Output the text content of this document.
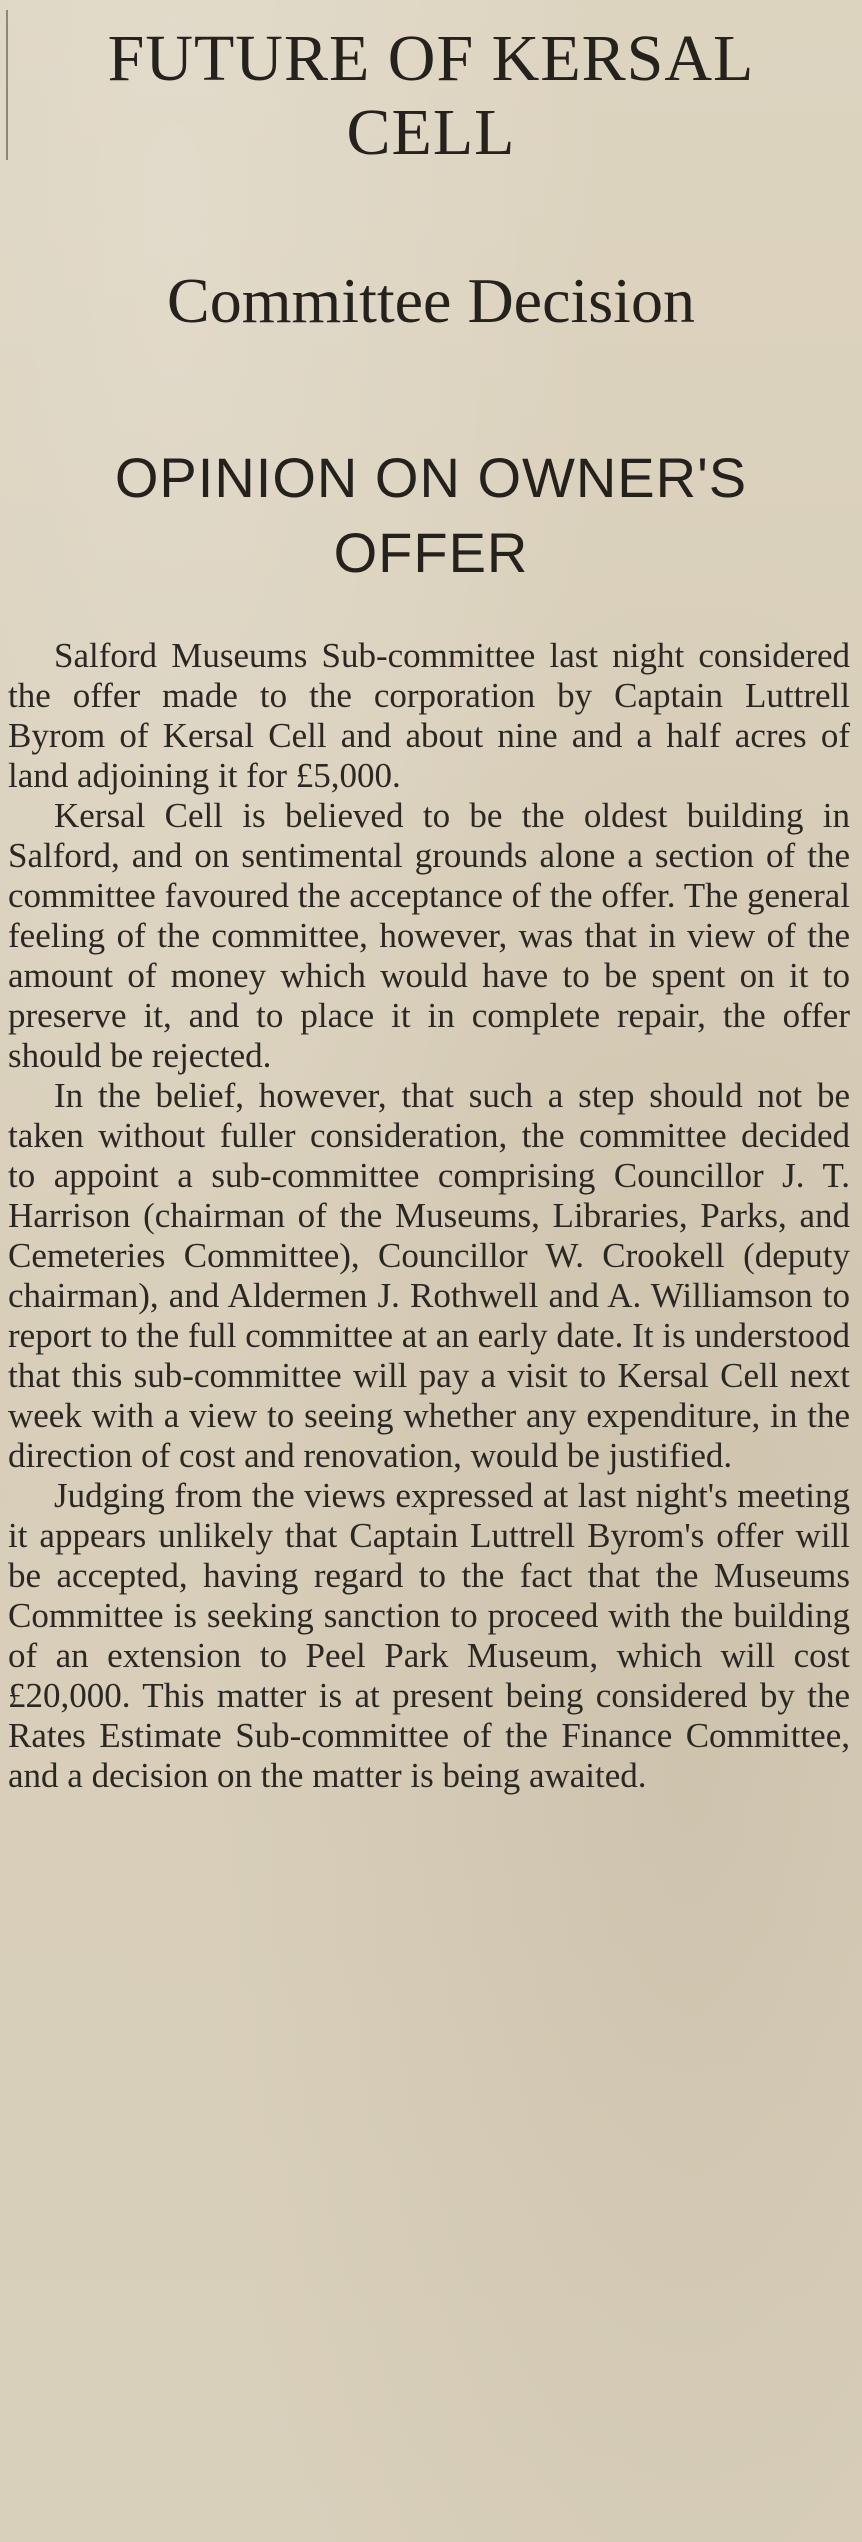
FUTURE OF KERSAL
CELL
Committee Decision
OPINION ON OWNER'S
OFFER

Salford Museums Sub-committee last night considered the offer made to the corporation by Captain Luttrell Byrom of Kersal Cell and about nine and a half acres of land adjoining it for £5,000.

Kersal Cell is believed to be the oldest building in Salford, and on sentimental grounds alone a section of the committee favoured the acceptance of the offer. The general feeling of the committee, however, was that in view of the amount of money which would have to be spent on it to preserve it, and to place it in complete repair, the offer should be rejected.

In the belief, however, that such a step should not be taken without fuller consideration, the committee decided to appoint a sub-committee comprising Councillor J. T. Harrison (chairman of the Museums, Libraries, Parks, and Cemeteries Committee), Councillor W. Crookell (deputy chairman), and Aldermen J. Rothwell and A. Williamson to report to the full committee at an early date. It is understood that this sub-committee will pay a visit to Kersal Cell next week with a view to seeing whether any expenditure, in the direction of cost and renovation, would be justified.

Judging from the views expressed at last night's meeting it appears unlikely that Captain Luttrell Byrom's offer will be accepted, having regard to the fact that the Museums Committee is seeking sanction to proceed with the building of an extension to Peel Park Museum, which will cost £20,000. This matter is at present being considered by the Rates Estimate Sub-committee of the Finance Committee, and a decision on the matter is being awaited.
